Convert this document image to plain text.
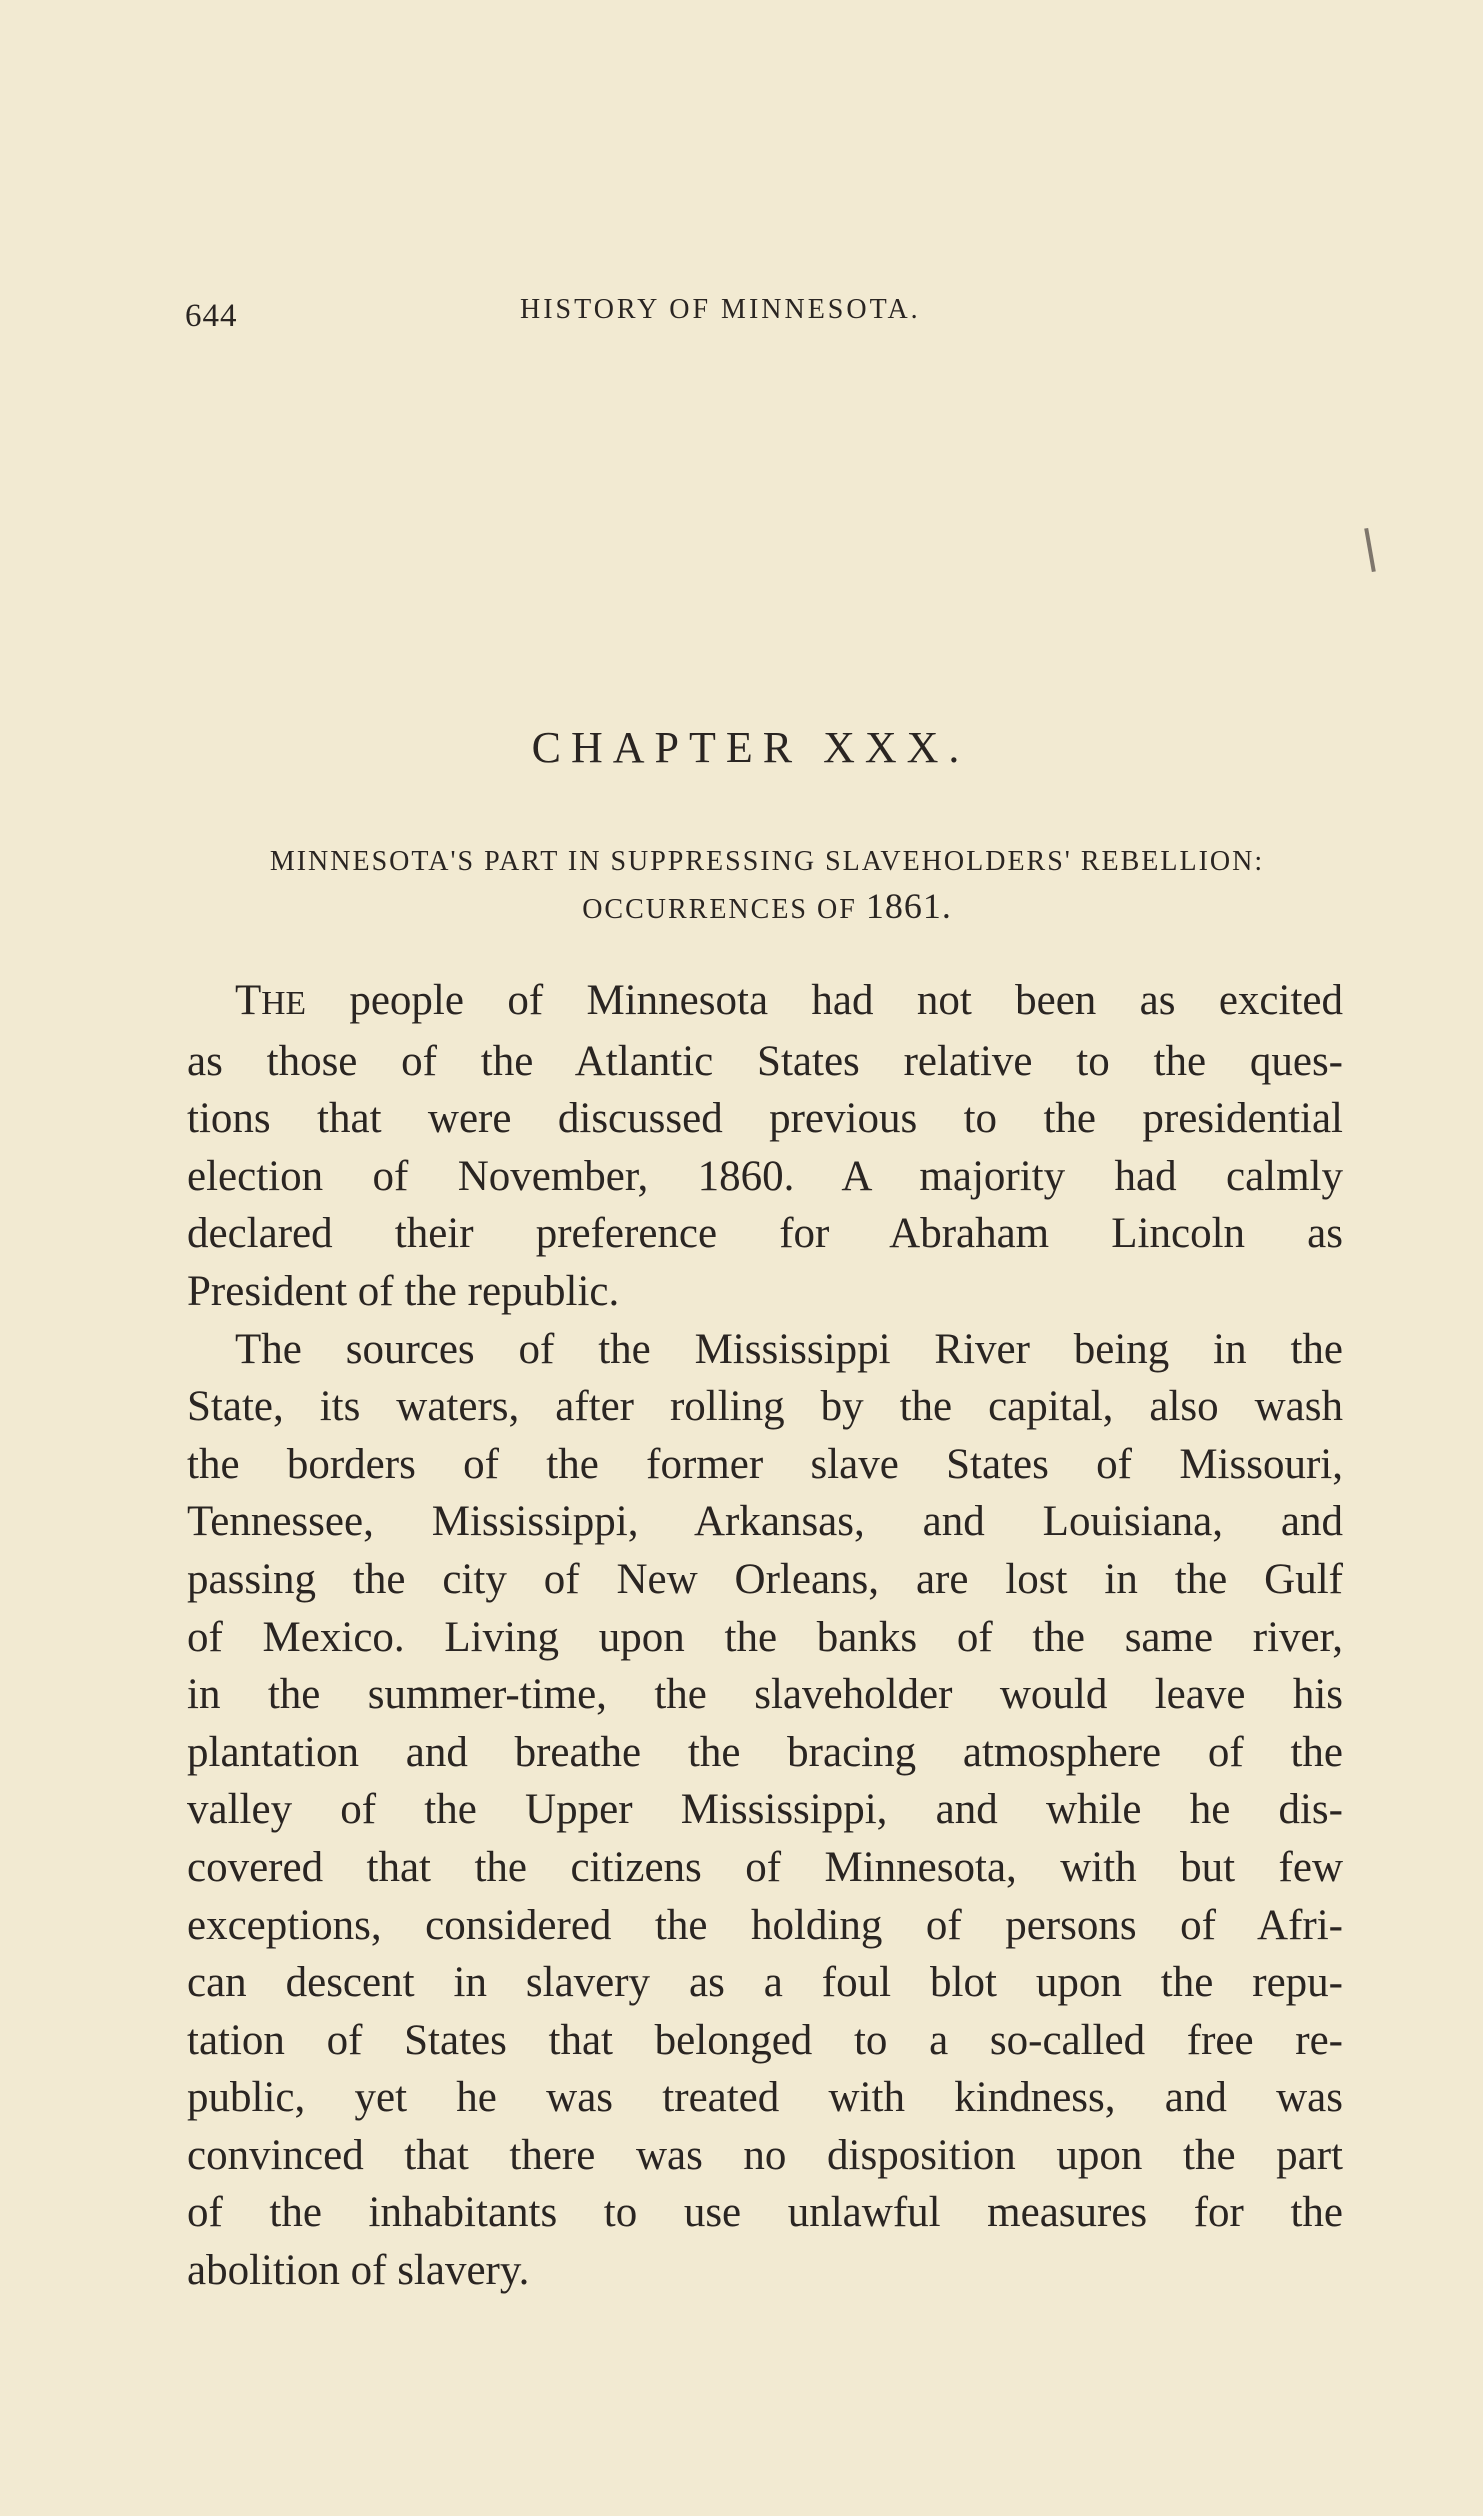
644	HISTORY OF MINNESOTA.
CHAPTER XXX.
MINNESOTA'S PART IN SUPPRESSING SLAVEHOLDERS' REBELLION:
OCCURRENCES OF 1861.
THE people of Minnesota had not been as excited
as those of the Atlantic States relative to the ques-
tions that were discussed previous to the presidential
election of November, 1860. A majority had calmly
declared their preference for Abraham Lincoln as
President of the republic.
The sources of the Mississippi River being in the
State, its waters, after rolling by the capital, also wash
the borders of the former slave States of Missouri,
Tennessee, Mississippi, Arkansas, and Louisiana, and
passing the city of New Orleans, are lost in the Gulf
of Mexico. Living upon the banks of the same river,
in the summer-time, the slaveholder would leave his
plantation and breathe the bracing atmosphere of the
valley of the Upper Mississippi, and while he dis-
covered that the citizens of Minnesota, with but few
exceptions, considered the holding of persons of Afri-
can descent in slavery as a foul blot upon the repu-
tation of States that belonged to a so-called free re-
public, yet he was treated with kindness, and was
convinced that there was no disposition upon the part
of the inhabitants to use unlawful measures for the
abolition of slavery.
